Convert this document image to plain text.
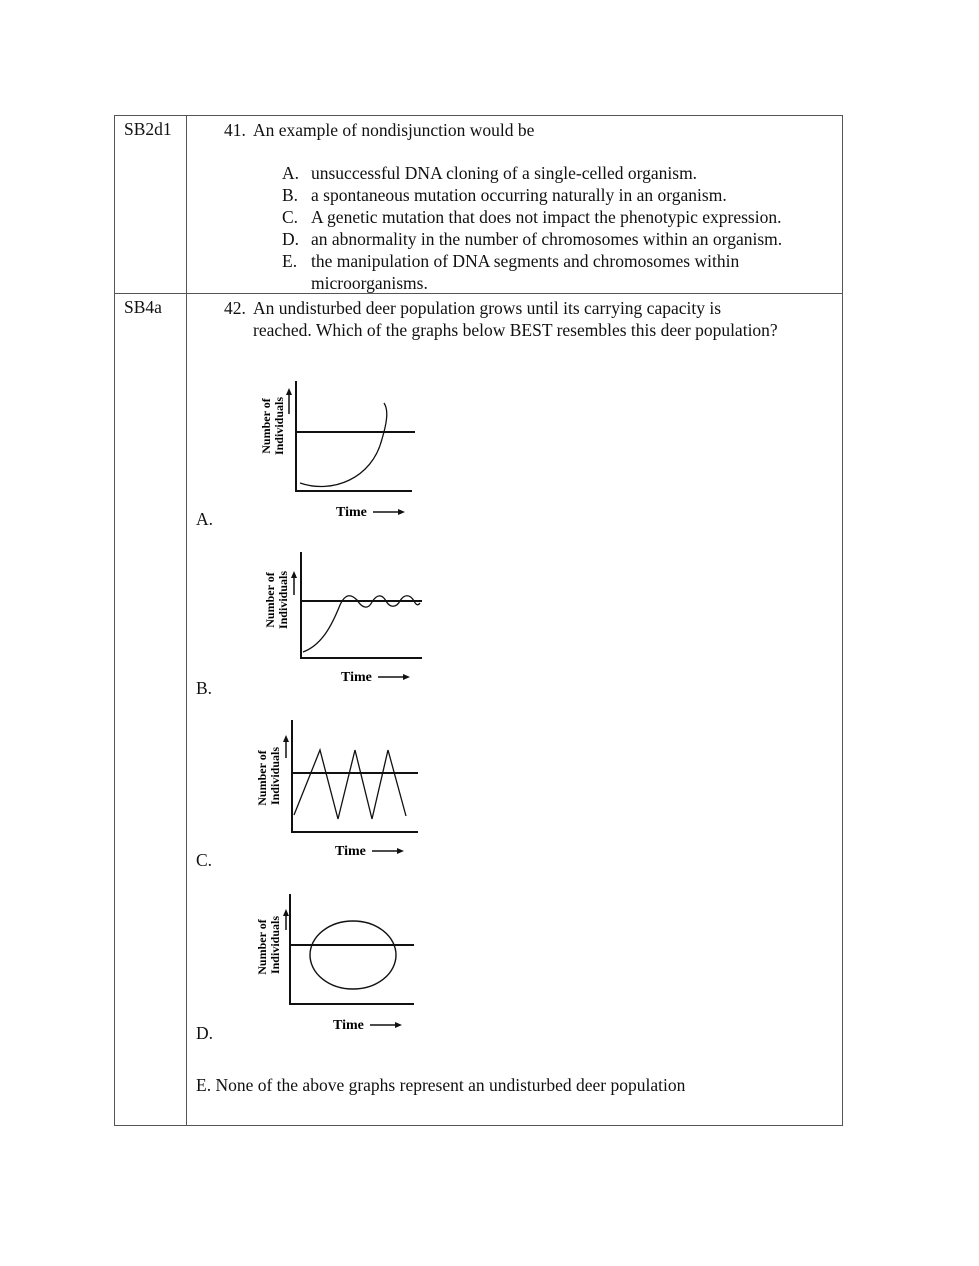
SB2d1	41. An example of nondisjunction would be
A. unsuccessful DNA cloning of a single-celled organism.
B. a spontaneous mutation occurring naturally in an organism.
C. A genetic mutation that does not impact the phenotypic expression.
D. an abnormality in the number of chromosomes within an organism.
E. the manipulation of DNA segments and chromosomes within microorganisms.
SB4a	42. An undisturbed deer population grows until its carrying capacity is
reached. Which of the graphs below BEST resembles this deer population?
A.
Number of Individuals
Time
B.
Number of Individuals
Time
C.
Number of Individuals
Time
D.
Number of Individuals
Time
E. None of the above graphs represent an undisturbed deer population
